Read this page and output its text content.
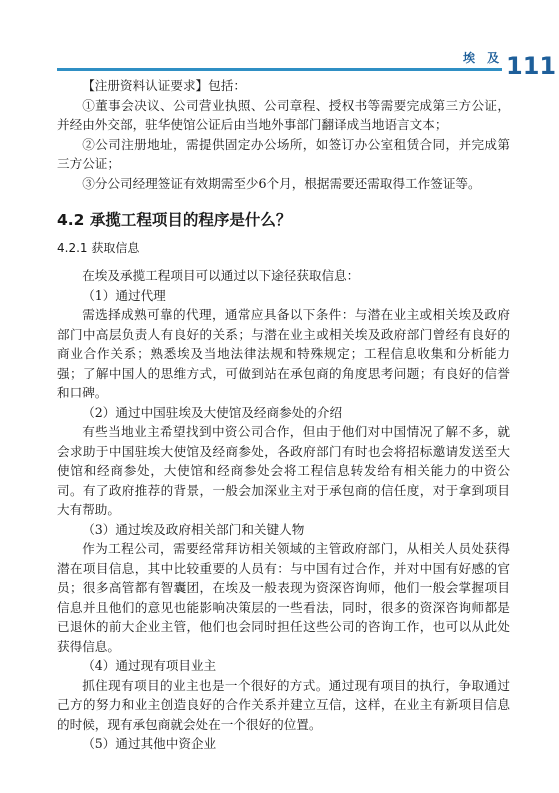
埃 及 111

【注册资料认证要求】包括：

①董事会决议、公司营业执照、公司章程、授权书等需要完成第三方公证，并经由外交部，驻华使馆公证后由当地外事部门翻译成当地语言文本；

②公司注册地址，需提供固定办公场所，如签订办公室租赁合同，并完成第三方公证；

③分公司经理签证有效期需至少6个月，根据需要还需取得工作签证等。

4.2 承揽工程项目的程序是什么？

4.2.1 获取信息

在埃及承揽工程项目可以通过以下途径获取信息：

（1）通过代理

需选择成熟可靠的代理，通常应具备以下条件：与潜在业主或相关埃及政府部门中高层负责人有良好的关系；与潜在业主或相关埃及政府部门曾经有良好的商业合作关系；熟悉埃及当地法律法规和特殊规定；工程信息收集和分析能力强；了解中国人的思维方式，可做到站在承包商的角度思考问题；有良好的信誉和口碑。

（2）通过中国驻埃及大使馆及经商参处的介绍

有些当地业主希望找到中资公司合作，但由于他们对中国情况了解不多，就会求助于中国驻埃大使馆及经商参处，各政府部门有时也会将招标邀请发送至大使馆和经商参处，大使馆和经商参处会将工程信息转发给有相关能力的中资公司。有了政府推荐的背景，一般会加深业主对于承包商的信任度，对于拿到项目大有帮助。

（3）通过埃及政府相关部门和关键人物

作为工程公司，需要经常拜访相关领域的主管政府部门，从相关人员处获得潜在项目信息，其中比较重要的人员有：与中国有过合作，并对中国有好感的官员；很多高管都有智囊团，在埃及一般表现为资深咨询师，他们一般会掌握项目信息并且他们的意见也能影响决策层的一些看法，同时，很多的资深咨询师都是已退休的前大企业主管，他们也会同时担任这些公司的咨询工作，也可以从此处获得信息。

（4）通过现有项目业主

抓住现有项目的业主也是一个很好的方式。通过现有项目的执行，争取通过己方的努力和业主创造良好的合作关系并建立互信，这样，在业主有新项目信息的时候，现有承包商就会处在一个很好的位置。

（5）通过其他中资企业
